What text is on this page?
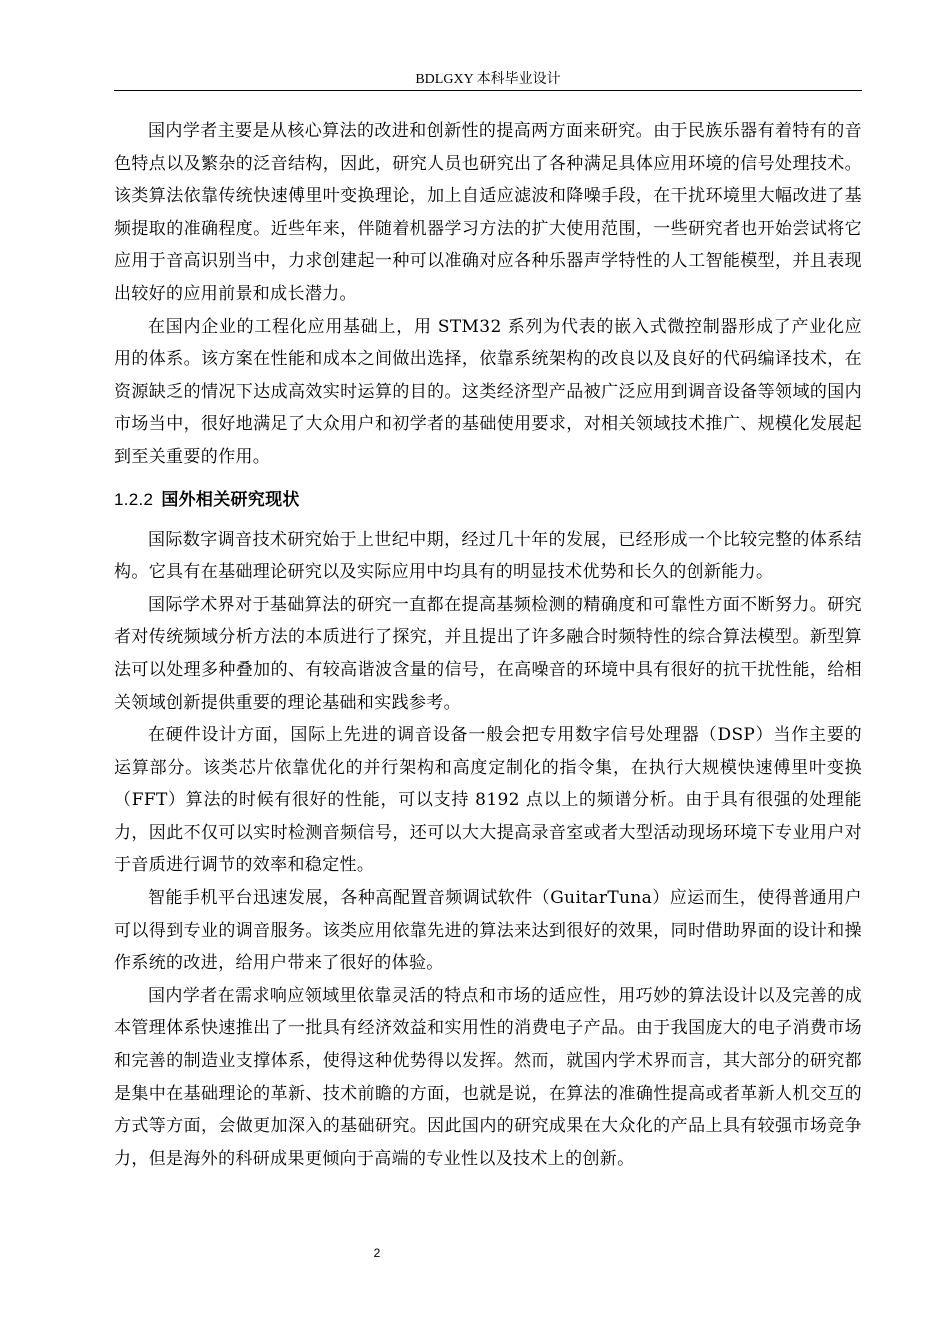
BDLGXY 本科毕业设计

国内学者主要是从核心算法的改进和创新性的提高两方面来研究。由于民族乐器有着特有的音色特点以及繁杂的泛音结构，因此，研究人员也研究出了各种满足具体应用环境的信号处理技术。该类算法依靠传统快速傅里叶变换理论，加上自适应滤波和降噪手段，在干扰环境里大幅改进了基频提取的准确程度。近些年来，伴随着机器学习方法的扩大使用范围，一些研究者也开始尝试将它应用于音高识别当中，力求创建起一种可以准确对应各种乐器声学特性的人工智能模型，并且表现出较好的应用前景和成长潜力。

在国内企业的工程化应用基础上，用 STM32 系列为代表的嵌入式微控制器形成了产业化应用的体系。该方案在性能和成本之间做出选择，依靠系统架构的改良以及良好的代码编译技术，在资源缺乏的情况下达成高效实时运算的目的。这类经济型产品被广泛应用到调音设备等领域的国内市场当中，很好地满足了大众用户和初学者的基础使用要求，对相关领域技术推广、规模化发展起到至关重要的作用。

1.2.2 国外相关研究现状

国际数字调音技术研究始于上世纪中期，经过几十年的发展，已经形成一个比较完整的体系结构。它具有在基础理论研究以及实际应用中均具有的明显技术优势和长久的创新能力。

国际学术界对于基础算法的研究一直都在提高基频检测的精确度和可靠性方面不断努力。研究者对传统频域分析方法的本质进行了探究，并且提出了许多融合时频特性的综合算法模型。新型算法可以处理多种叠加的、有较高谐波含量的信号，在高噪音的环境中具有很好的抗干扰性能，给相关领域创新提供重要的理论基础和实践参考。

在硬件设计方面，国际上先进的调音设备一般会把专用数字信号处理器（DSP）当作主要的运算部分。该类芯片依靠优化的并行架构和高度定制化的指令集，在执行大规模快速傅里叶变换（FFT）算法的时候有很好的性能，可以支持 8192 点以上的频谱分析。由于具有很强的处理能力，因此不仅可以实时检测音频信号，还可以大大提高录音室或者大型活动现场环境下专业用户对于音质进行调节的效率和稳定性。

智能手机平台迅速发展，各种高配置音频调试软件（GuitarTuna）应运而生，使得普通用户可以得到专业的调音服务。该类应用依靠先进的算法来达到很好的效果，同时借助界面的设计和操作系统的改进，给用户带来了很好的体验。

国内学者在需求响应领域里依靠灵活的特点和市场的适应性，用巧妙的算法设计以及完善的成本管理体系快速推出了一批具有经济效益和实用性的消费电子产品。由于我国庞大的电子消费市场和完善的制造业支撑体系，使得这种优势得以发挥。然而，就国内学术界而言，其大部分的研究都是集中在基础理论的革新、技术前瞻的方面，也就是说，在算法的准确性提高或者革新人机交互的方式等方面，会做更加深入的基础研究。因此国内的研究成果在大众化的产品上具有较强市场竞争力，但是海外的科研成果更倾向于高端的专业性以及技术上的创新。

2
